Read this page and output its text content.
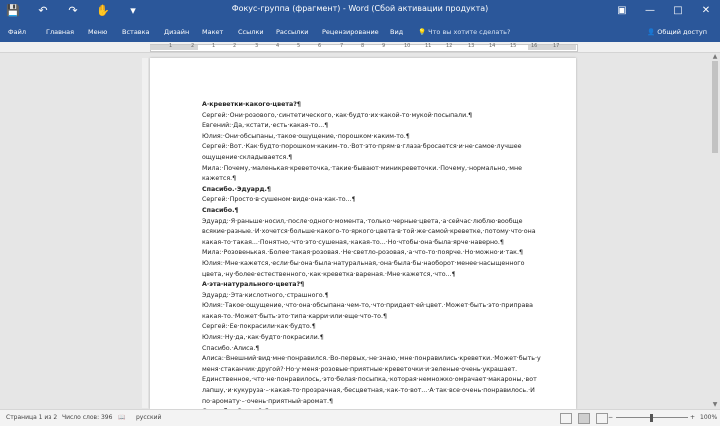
💾 ↶ ↷ ✋	▾	Фокус-группа (фрагмент) - Word (Сбой активации продукта)	▣	—	□	✕
Файл	Главная Меню Вставка Дизайн Макет Ссылки Рассылки Рецензирование Вид 💡 Что вы хотите сделать?	👤 Общий доступ
1	2	1	2	3	4	5	6	7	8	9	10	11	12	13	14	15	16	17

А·креветки·какого·цвета?¶

Сергей:·Они·розового,·синтетического,·как·будто·их·какой-то·мукой·посыпали.¶

Евгений:·Да,·кстати,·есть·какая-то...¶

Юлия:·Они·обсыпаны,·такое·ощущение,·порошком·каким-то.¶

Сергей:·Вот.·Как·будто·порошком·каким-то.·Вот·это·прям·в·глаза·бросается·и·не·самое·лучшее

ощущение·складывается.¶

Мила:·Почему,·маленькая·креветочка,·такие·бывают·миникреветочки.·Почему,·нормально,·мне

кажется.¶

Спасибо.·Эдуард.¶

Сергей:·Просто·в·сушеном·виде·она·как-то...¶

Спасибо.¶

Эдуард:·Я·раньше·носил,·после·одного·момента,·только·черные·цвета,·а·сейчас·люблю·вообще

всякие·разные.·И·хочется·больше·какого-то·яркого·цвета·в·той·же·самой·креветке,·потому·что·она

какая-то·такая...·Понятно,·что·это·сушеная,·какая-то...·Но·чтобы·она·была·ярче·наверно.¶

Мила:·Розовенькая.·Более·такая·розовая.·Не·светло-розовая,·а·что-то·поярче.·Но·можно·и·так.¶

Юлия:·Мне·кажется,·если·бы·она·была·натуральная,·она·была·бы·наоборот·менее·насыщенного

цвета,·ну·более·естественного,·как·креветка·вареная.·Мне·кажется,·что...¶

А·эта·натурального·цвета?¶

Эдуард:·Эта·кислотного,·страшного.¶

Юлия:·Такое·ощущение,·что·она·обсыпана·чем-то,·что·придает·ей·цвет.·Может·быть·это·приправа

какая-то.·Может·быть·это·типа·карри·или·еще·что-то.¶

Сергей:·Ее·покрасили·как·будто.¶

Юлия:·Ну·да,·как·будто·покрасили.¶

Спасибо.·Алиса.¶

Алиса:·Внешний·вид·мне·понравился.·Во-первых,·не·знаю,·мне·понравились·креветки.·Может·быть·у

меня·стаканчик·другой?·Но·у·меня·розовые·приятные·креветочки·и·зеленые·очень·украшает.

Единственное,·что·не·понравилось,·это·белая·посыпка,·которая·немножко·омрачает·макароны,·вот

лапшу,·и·кукуруза·–·какая-то·прозрачная,·бесцветная,·как-то·вот...·А·так·все·очень·понравилось.·И

по·аромату·–·очень·приятный·аромат.¶

▲
▼
Страница 1 из 2 Число слов: 396 📖 русский	−	+ 100%
